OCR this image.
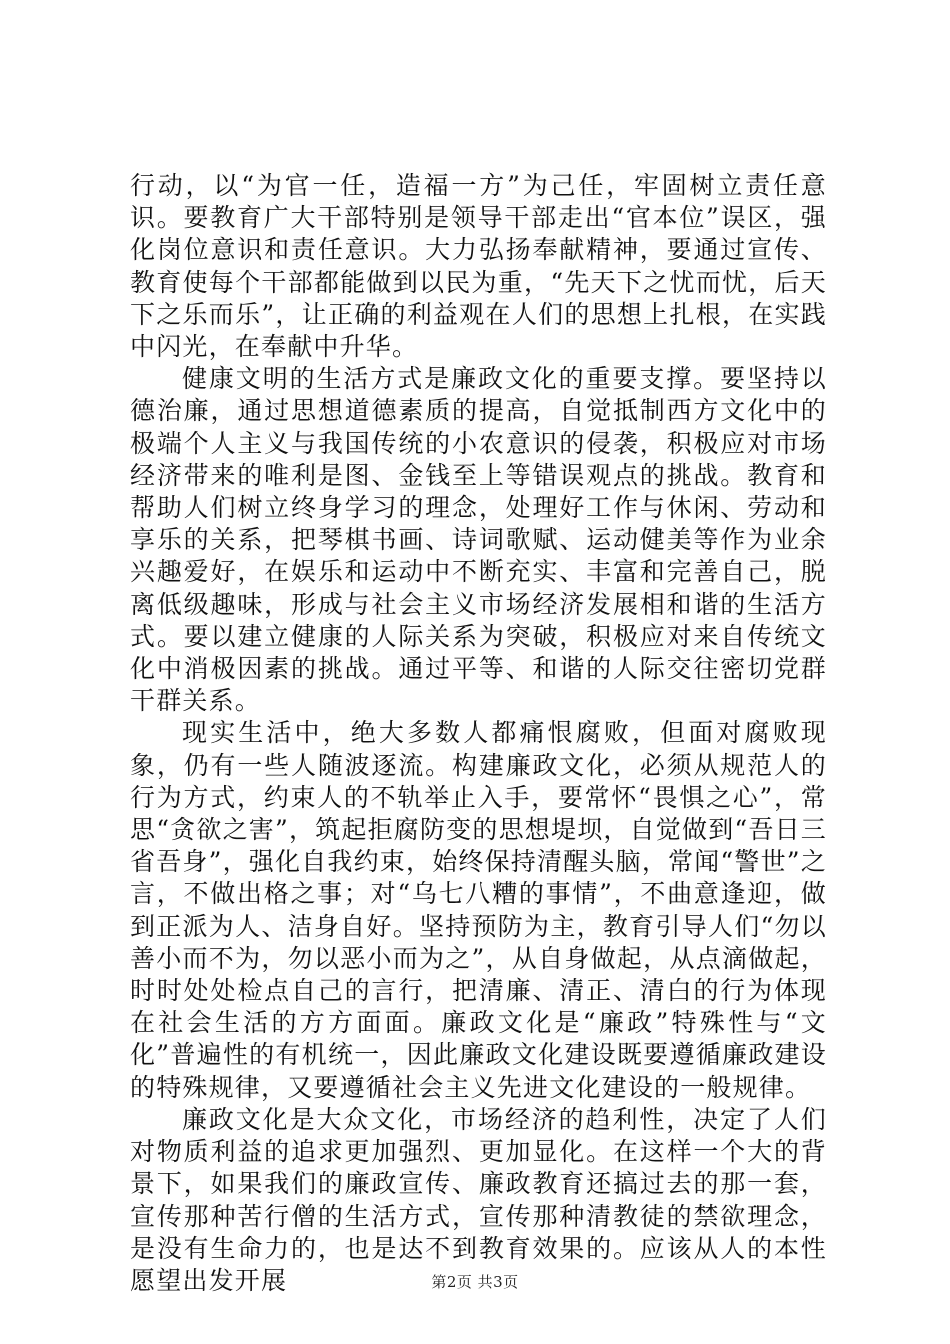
行动，以“为官一任，造福一方”为己任，牢固树立责任意识。要教育广大干部特别是领导干部走出“官本位”误区，强化岗位意识和责任意识。大力弘扬奉献精神，要通过宣传、教育使每个干部都能做到以民为重，“先天下之忧而忧，后天下之乐而乐”，让正确的利益观在人们的思想上扎根，在实践中闪光，在奉献中升华。

健康文明的生活方式是廉政文化的重要支撑。要坚持以德治廉，通过思想道德素质的提高，自觉抵制西方文化中的极端个人主义与我国传统的小农意识的侵袭，积极应对市场经济带来的唯利是图、金钱至上等错误观点的挑战。教育和帮助人们树立终身学习的理念，处理好工作与休闲、劳动和享乐的关系，把琴棋书画、诗词歌赋、运动健美等作为业余兴趣爱好，在娱乐和运动中不断充实、丰富和完善自己，脱离低级趣味，形成与社会主义市场经济发展相和谐的生活方式。要以建立健康的人际关系为突破，积极应对来自传统文化中消极因素的挑战。通过平等、和谐的人际交往密切党群干群关系。

现实生活中，绝大多数人都痛恨腐败，但面对腐败现象，仍有一些人随波逐流。构建廉政文化，必须从规范人的行为方式，约束人的不轨举止入手，要常怀“畏惧之心”，常思“贪欲之害”，筑起拒腐防变的思想堤坝，自觉做到“吾日三省吾身”，强化自我约束，始终保持清醒头脑，常闻“警世”之言，不做出格之事；对“乌七八糟的事情”，不曲意逢迎，做到正派为人、洁身自好。坚持预防为主，教育引导人们“勿以善小而不为，勿以恶小而为之”，从自身做起，从点滴做起，时时处处检点自己的言行，把清廉、清正、清白的行为体现在社会生活的方方面面。廉政文化是“廉政”特殊性与“文化”普遍性的有机统一，因此廉政文化建设既要遵循廉政建设的特殊规律，又要遵循社会主义先进文化建设的一般规律。

廉政文化是大众文化，市场经济的趋利性，决定了人们对物质利益的追求更加强烈、更加显化。在这样一个大的背景下，如果我们的廉政宣传、廉政教育还搞过去的那一套，宣传那种苦行僧的生活方式，宣传那种清教徒的禁欲理念，是没有生命力的，也是达不到教育效果的。应该从人的本性愿望出发开展	第2页 共3页
